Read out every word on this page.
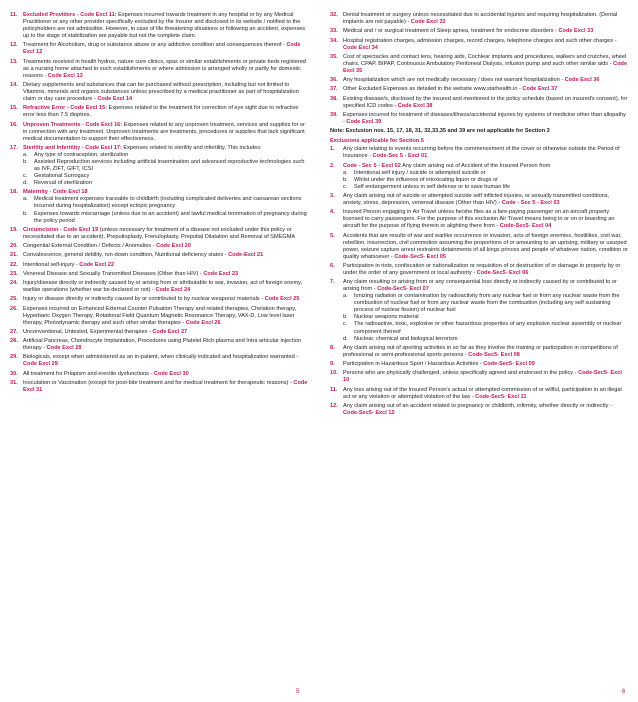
11. Excluded Providers - Code Excl 11: Expenses incurred towards treatment in any hospital or by any Medical Practitioner or any other provider specifically excluded by the Insurer and disclosed in its website / notified to the policyholders are not admissible. However, in case of life threatening situations or following an accident, expenses up to the stage of stabilization are payable but not the complete claim.
12. Treatment for Alcoholism, drug or substance abuse or any addictive condition and consequences thereof - Code Excl 12
13. Treatments received in health hydros, nature cure clinics, spas or similar establishments or private beds registered as a nursing home attached to such establishments or where admission is arranged wholly or partly for domestic reasons - Code Excl 13
14. Dietary supplements and substances that can be purchased without prescription, including but not limited to Vitamins, minerals and organic substances unless prescribed by a medical practitioner as part of hospitalization claim or day care procedure - Code Excl 14
15. Refractive Error - Code Excl 15: Expenses related to the treatment for correction of eye sight due to refractive error less than 7.5 dioptres.
16. Unproven Treatments - Code Excl 16: Expenses related to any unproven treatment, services and supplies for or in connection with any treatment. Unproven treatments are treatments, procedures or supplies that lack significant medical documentation to support their effectiveness.
17. Sterility and Infertility - Code Excl 17: Expenses related to sterility and infertility. This includes:
a.	Any type of contraception, sterilization
b.	Assisted Reproduction services including artificial insemination and advanced reproductive technologies such as IVF, ZIFT, GIFT, ICSI
c.	Gestational Surrogacy
d.	Reversal of sterilization
18. Maternity - Code Excl 18
a.	Medical treatment expenses traceable to childbirth (including complicated deliveries and caesarean sections incurred during hospitalization) except ectopic pregnancy
b.	Expenses towards miscarriage (unless due to an accident) and lawful medical termination of pregnancy during the policy period
19. Circumcision - Code Excl 19 (unless necessary for treatment of a disease not excluded under this policy or necessitated due to an accident), Preputioplasty, Frenuloplasty, Preputial Dilatation and Removal of SMEGMA
20. Congenital External Condition / Defects / Anomalies - Code Excl 20
21. Convalescence, general debility, run-down condition, Nutritional deficiency states - Code-Excl 21
22. Intentional self-injury - Code Excl 22
23. Venereal Disease and Sexually Transmitted Diseases (Other than HIV) - Code Excl 23
24. Injury/disease directly or indirectly caused by or arising from or attributable to war, invasion, act of foreign enemy, warlike operations (whether war be declared or not) - Code Excl 24
25. Injury or disease directly or indirectly caused by or contributed to by nuclear weapons/ materials - Code Excl 25
26. Expenses incurred on Enhanced External Counter Pulsation Therapy and related therapies, Chelation therapy, Hyperbaric Oxygen Therapy, Rotational Field Quantum Magnetic Resonance Therapy, VAX-D, Low level laser therapy, Photodynamic therapy and such other similar therapies - Code Excl 26
27. Unconventional, Untested, Experimental therapies - Code Excl 27
28. Artificial Pancreas, Chondrocyte Implantation, Procedures using Platelet Rich plasma and Intra articular injection therapy - Code Excl 28
29. Biologicals, except when administered as an in-patient, when clinically indicated and hospitalization warranted - Code Excl 29
30. All treatment for Priapism and erectile dysfunctions - Code Excl 30
31. Inoculation or Vaccination (except for post-bite treatment and for medical treatment for therapeutic reasons) - Code Excl 31
32. Dental treatment or surgery unless necessitated due to accidental injuries and requiring hospitalization. (Dental implants are not payable) - Code Excl 32
33. Medical and / or surgical treatment of Sleep apnea, treatment for endocrine disorders - Code Excl 33
34. Hospital registration charges, admission charges, record charges, telephone charges and such other charges - Code Excl 34
35. Cost of spectacles and contact lens, hearing aids, Cochlear implants and procedures, walkers and crutches, wheel chairs, CPAP, BIPAP, Continuous Ambulatory Peritoneal Dialysis, infusion pump and such other similar aids - Code Excl 35
36. Any hospitalization which are not medically necessary / does not warrant hospitalization - Code Excl 36
37. Other Excluded Expenses as detailed in the website www.starhealth.in - Code Excl 37
38. Existing disease/s, disclosed by the insured and mentioned in the policy schedule (based on insured's consent), for specified ICD codes - Code Excl 38
39. Expenses incurred for treatment of diseases/illness/accidental injuries by systems of medicine other than allopathy - Code Excl 39
Note: Exclusion nos. 15, 17, 18, 31, 32,33,35 and 39 are not applicable for Section 3
Exclusions applicable for Section 5
1.	Any claim relating to events occurring before the commencement of the cover or otherwise outside the Period of Insurance - Code-Sec 5 - Excl 01
2.	Code - Sec 5 - Excl 02 Any claim arising out of Accident of the Insured Person from
a.	Intentional self injury / suicide or attempted suicide or
b.	Whilst under the influence of intoxicating liquor or drugs or
c.	Self endangerment unless in self defense or to save human life
3.	Any claim arising out of suicide or attempted suicide self inflicted injuries, or sexually transmitted conditions, anxiety, stress, depression, venereal disease (Other than HIV) - Code - Sec 5 - Excl 03
4.	Insured Person engaging in Air Travel unless he/she flies as a fare-paying passenger on an aircraft properly licensed to carry passengers. For the purpose of this exclusion Air Travel means being in or on or boarding an aircraft for the purpose of flying therein or alighting there from - Code-Sec5- Excl 04
5.	Accidents that are results of war and warlike occurrence or invasion, acts of foreign enemies, hostilities, civil war, rebellion, insurrection, civil commotion assuming the proportions of or amounting to an uprising, military or usurped power, seizure capture arrest restraints detainments of all kings princes and people of whatever nation, condition or quality whatsoever - Code-Sec5- Excl 05
6.	Participation in riots, confiscation or nationalization or requisition of or destruction of or damage to property by or under the order of any government or local authority - Code-Sec5- Excl 06
7.	Any claim resulting or arising from or any consequential loss directly or indirectly caused by or contributed to or arising from - Code-Sec5- Excl 07
a.	Ionizing radiation or contamination by radioactivity from any nuclear fuel or from any nuclear waste from the combustion of nuclear fuel or from any nuclear waste from the combustion (including any self sustaining process of nuclear fission) of nuclear fuel
b.	Nuclear weapons material
c.	The radioactive, toxic, explosive or other hazardous properties of any explosive nuclear assembly or nuclear component thereof
d.	Nuclear, chemical and biological terrorism
8.	Any claim arising out of sporting activities in so far as they involve the training or participation in competitions of professional or semi-professional sports persons - Code-Sec5- Excl 08
9.	Participation in Hazardous Sport / Hazardous Activities - Code-Sec5- Excl 09
10. Persons who are physically challenged, unless specifically agreed and endorsed in the policy - Code-Sec5- Excl 10
11. Any loss arising out of the Insured Person's actual or attempted commission of or willful, participation in an illegal act or any violation or attempted violation of the law - Code-Sec5- Excl 11
12. Any claim arising out of an accident related to pregnancy or childbirth, infirmity, whether directly or indirectly - Code-Sec5- Excl 12
5	6
